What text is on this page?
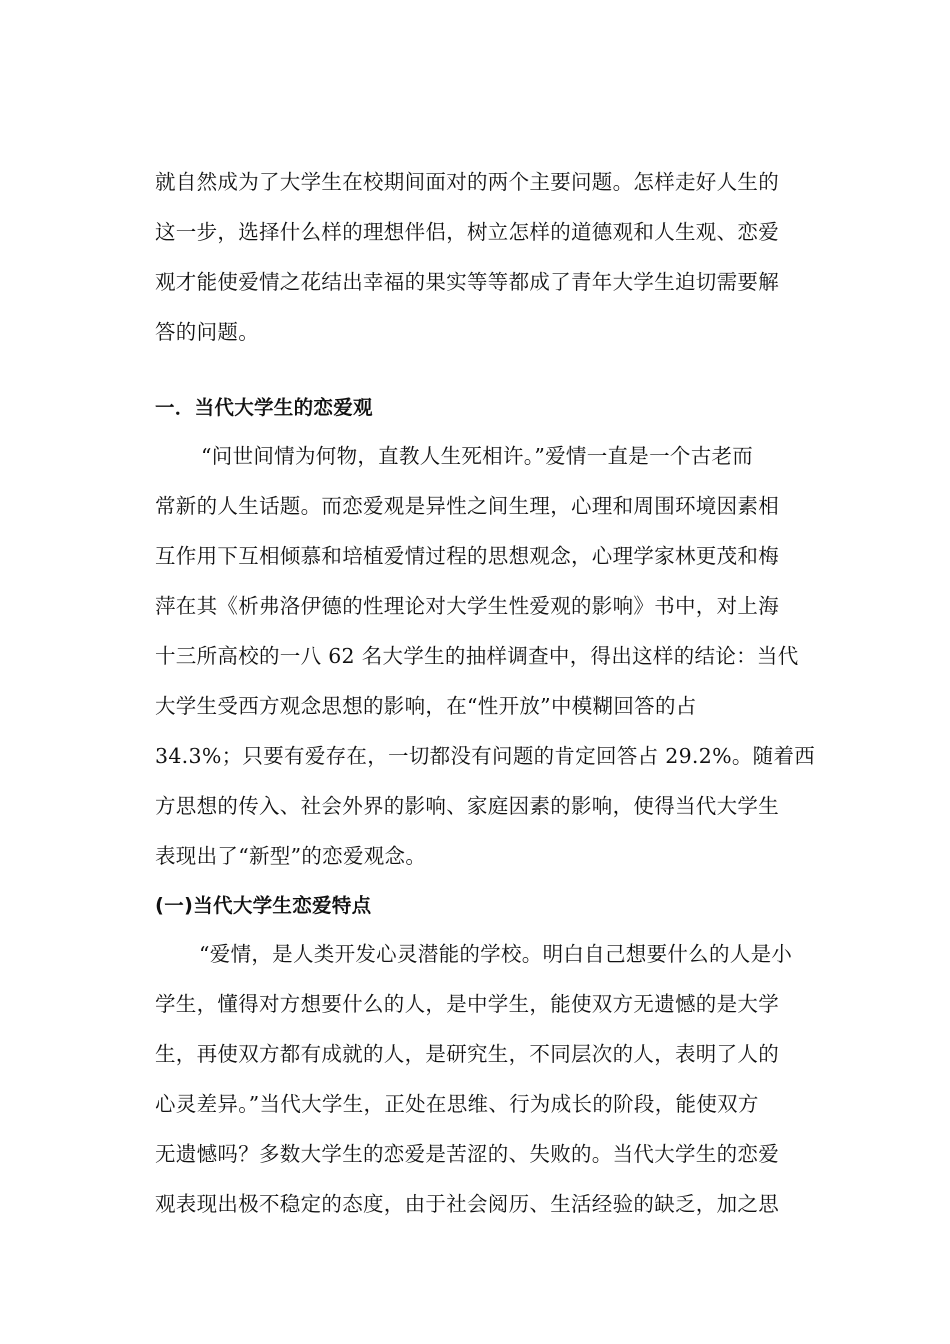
就自然成为了大学生在校期间面对的两个主要问题。怎样走好人生的
这一步，选择什么样的理想伴侣，树立怎样的道德观和人生观、恋爱
观才能使爱情之花结出幸福的果实等等都成了青年大学生迫切需要解
答的问题。
一．当代大学生的恋爱观
“问世间情为何物，直教人生死相许。”爱情一直是一个古老而
常新的人生话题。而恋爱观是异性之间生理，心理和周围环境因素相
互作用下互相倾慕和培植爱情过程的思想观念，心理学家林更茂和梅
萍在其《析弗洛伊德的性理论对大学生性爱观的影响》书中，对上海
十三所高校的一八 62 名大学生的抽样调查中，得出这样的结论：当代
大学生受西方观念思想的影响，在“性开放”中模糊回答的占
34.3%；只要有爱存在，一切都没有问题的肯定回答占 29.2%。随着西
方思想的传入、社会外界的影响、家庭因素的影响，使得当代大学生
表现出了“新型”的恋爱观念。
(一)当代大学生恋爱特点
“爱情，是人类开发心灵潜能的学校。明白自己想要什么的人是小
学生，懂得对方想要什么的人，是中学生，能使双方无遗憾的是大学
生，再使双方都有成就的人，是研究生，不同层次的人，表明了人的
心灵差异。”当代大学生，正处在思维、行为成长的阶段，能使双方
无遗憾吗？多数大学生的恋爱是苦涩的、失败的。当代大学生的恋爱
观表现出极不稳定的态度，由于社会阅历、生活经验的缺乏，加之思
